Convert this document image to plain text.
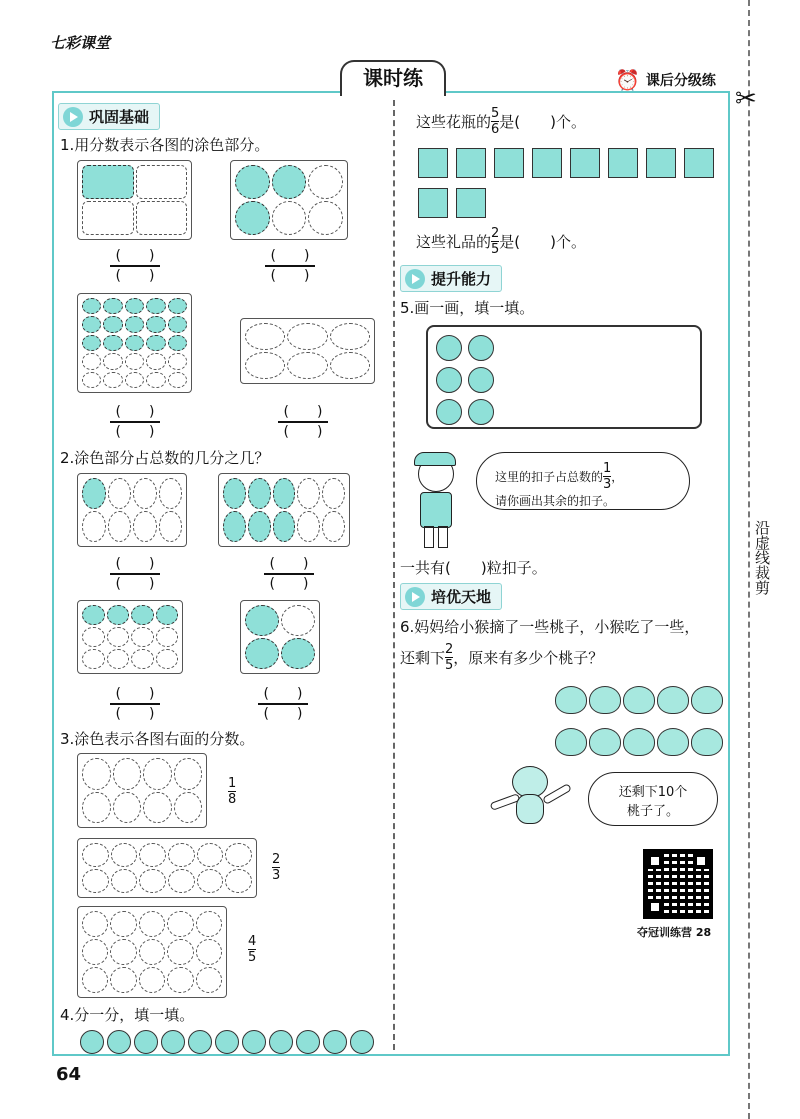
七彩课堂
课时练	⏰ 课后分级练
✂
沿虚线裁剪
64
巩固基础
1.用分数表示各图的涂色部分。
(　　)
(　　)
(　　)
(　　)
(　　)
(　　)
(　　)
(　　)
2.涂色部分占总数的几分之几？
(　　)
(　　)
(　　)
(　　)
(　　)
(　　)
(　　)
(　　)
3.涂色表示各图右面的分数。
1
8
2
3
4
5
4.分一分，填一填。
这些花瓶的 $\frac{5}{6}$ 是(　　)个。
这些礼品的 $\frac{2}{5}$ 是(　　)个。
提升能力
5.画一画，填一填。
这里的扣子占总数的 $\frac{1}{3}$ ，
请你画出其余的扣子。
一共有(　　)粒扣子。
培优天地
6.妈妈给小猴摘了一些桃子，小猴吃了一些，
还剩下 $\frac{2}{5}$ ，原来有多少个桃子？
还剩下10个
桃子了。
夺冠训练营 28
